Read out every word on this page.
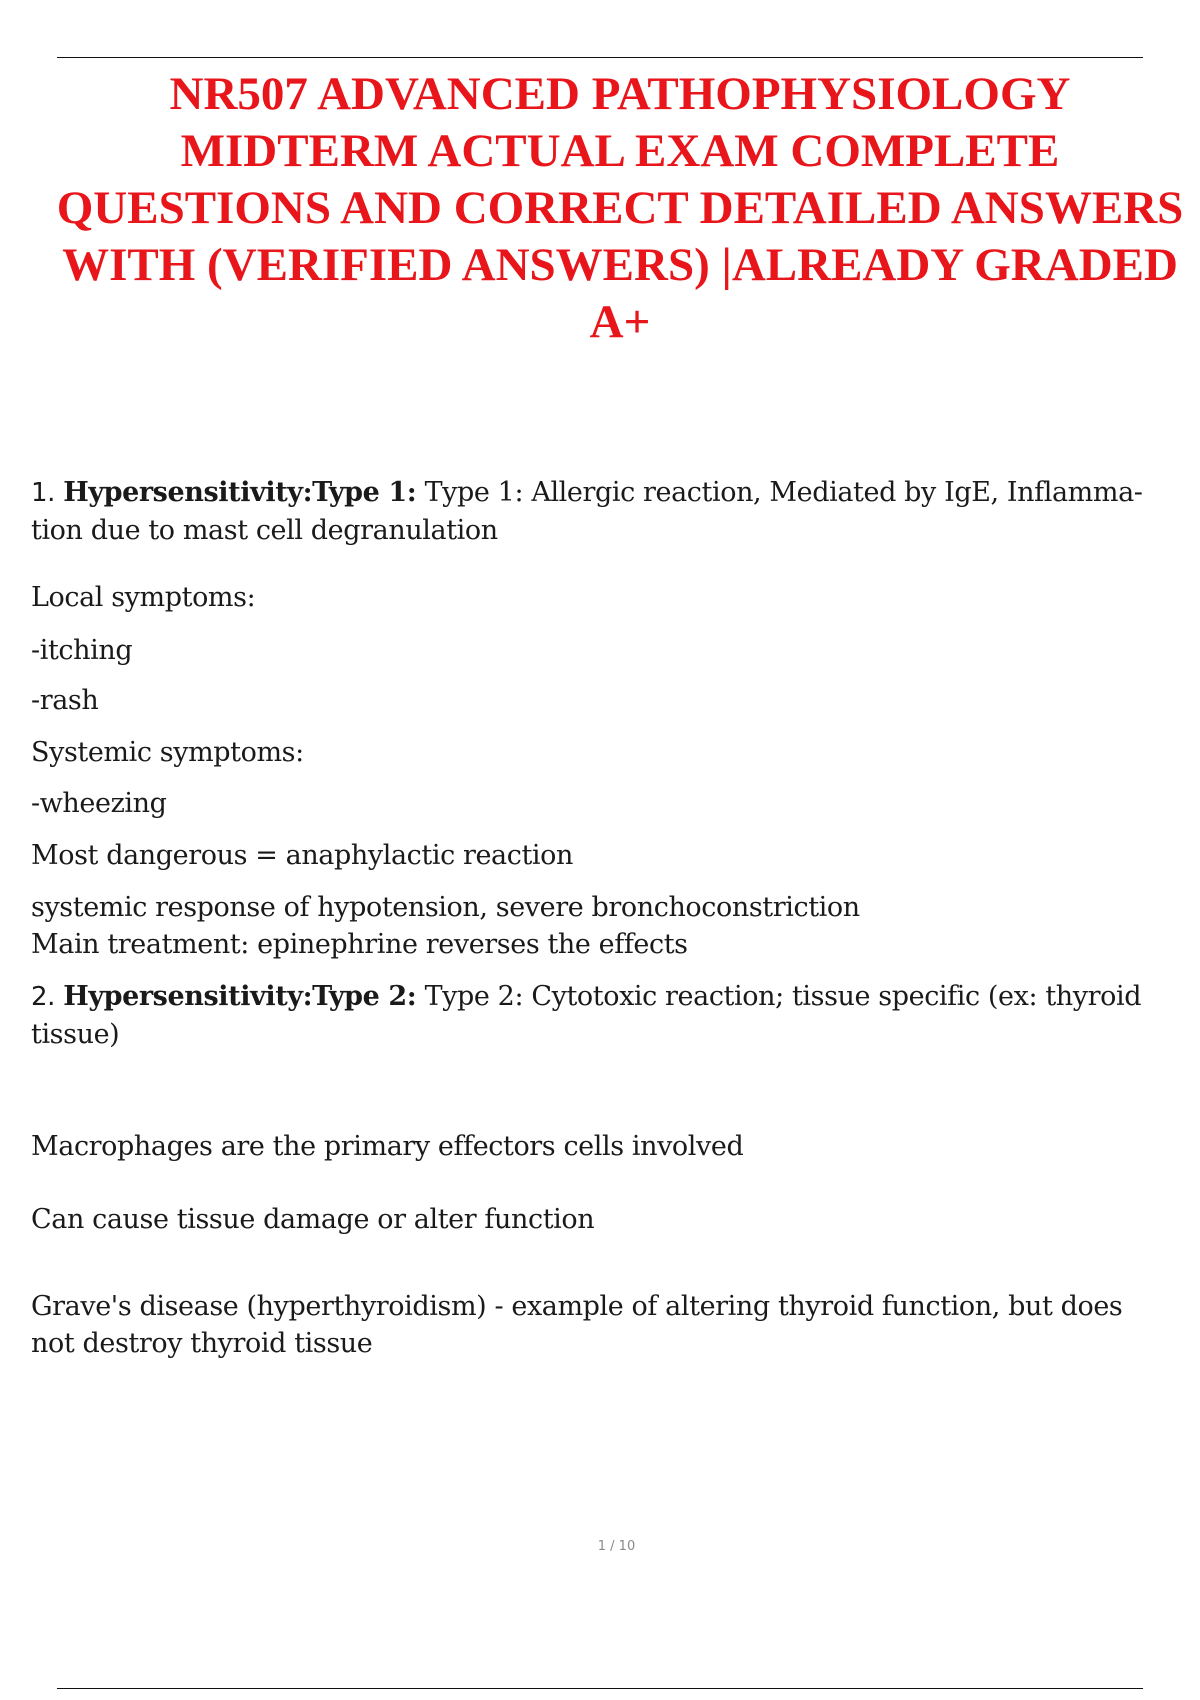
NR507 ADVANCED PATHOPHYSIOLOGY
MIDTERM ACTUAL EXAM COMPLETE
QUESTIONS AND CORRECT DETAILED ANSWERS
WITH (VERIFIED ANSWERS) |ALREADY GRADED
A+
1. Hypersensitivity:Type 1: Type 1: Allergic reaction, Mediated by IgE, Inflamma-
tion due to mast cell degranulation
Local symptoms:
-itching
-rash
Systemic symptoms:
-wheezing
Most dangerous = anaphylactic reaction
systemic response of hypotension, severe bronchoconstriction
Main treatment: epinephrine reverses the effects
2. Hypersensitivity:Type 2: Type 2: Cytotoxic reaction; tissue specific (ex: thyroid
tissue)
Macrophages are the primary effectors cells involved
Can cause tissue damage or alter function
Grave's disease (hyperthyroidism) - example of altering thyroid function, but does
not destroy thyroid tissue
1 / 10
